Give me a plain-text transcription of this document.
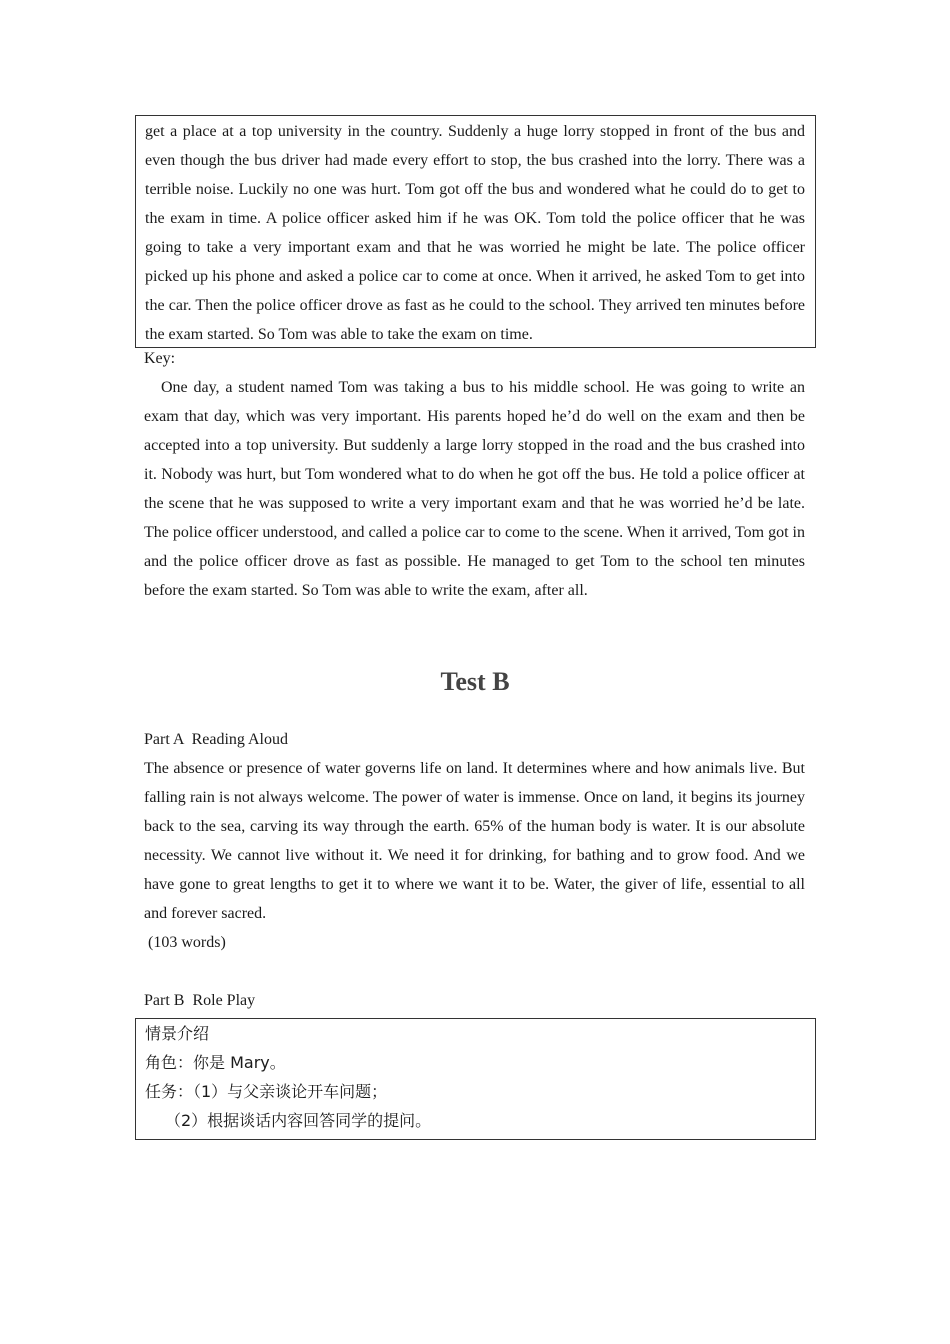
get a place at a top university in the country. Suddenly a huge lorry stopped in front of the bus and even though the bus driver had made every effort to stop, the bus crashed into the lorry. There was a terrible noise. Luckily no one was hurt. Tom got off the bus and wondered what he could do to get to the exam in time. A police officer asked him if he was OK. Tom told the police officer that he was going to take a very important exam and that he was worried he might be late. The police officer picked up his phone and asked a police car to come at once. When it arrived, he asked Tom to get into the car. Then the police officer drove as fast as he could to the school. They arrived ten minutes before the exam started. So Tom was able to take the exam on time.

Key:

One day, a student named Tom was taking a bus to his middle school. He was going to write an exam that day, which was very important. His parents hoped he’d do well on the exam and then be accepted into a top university. But suddenly a large lorry stopped in the road and the bus crashed into it. Nobody was hurt, but Tom wondered what to do when he got off the bus. He told a police officer at the scene that he was supposed to write a very important exam and that he was worried he’d be late. The police officer understood, and called a police car to come to the scene. When it arrived, Tom got in and the police officer drove as fast as possible. He managed to get Tom to the school ten minutes before the exam started. So Tom was able to write the exam, after all.

Test B

Part A  Reading Aloud

The absence or presence of water governs life on land. It determines where and how animals live. But falling rain is not always welcome. The power of water is immense. Once on land, it begins its journey back to the sea, carving its way through the earth. 65% of the human body is water. It is our absolute necessity. We cannot live without it. We need it for drinking, for bathing and to grow food. And we have gone to great lengths to get it to where we want it to be. Water, the giver of life, essential to all and forever sacred.

(103 words)

Part B  Role Play

情景介绍

角色：你是 Mary。

任务：（1）与父亲谈论开车问题；

（2）根据谈话内容回答同学的提问。
